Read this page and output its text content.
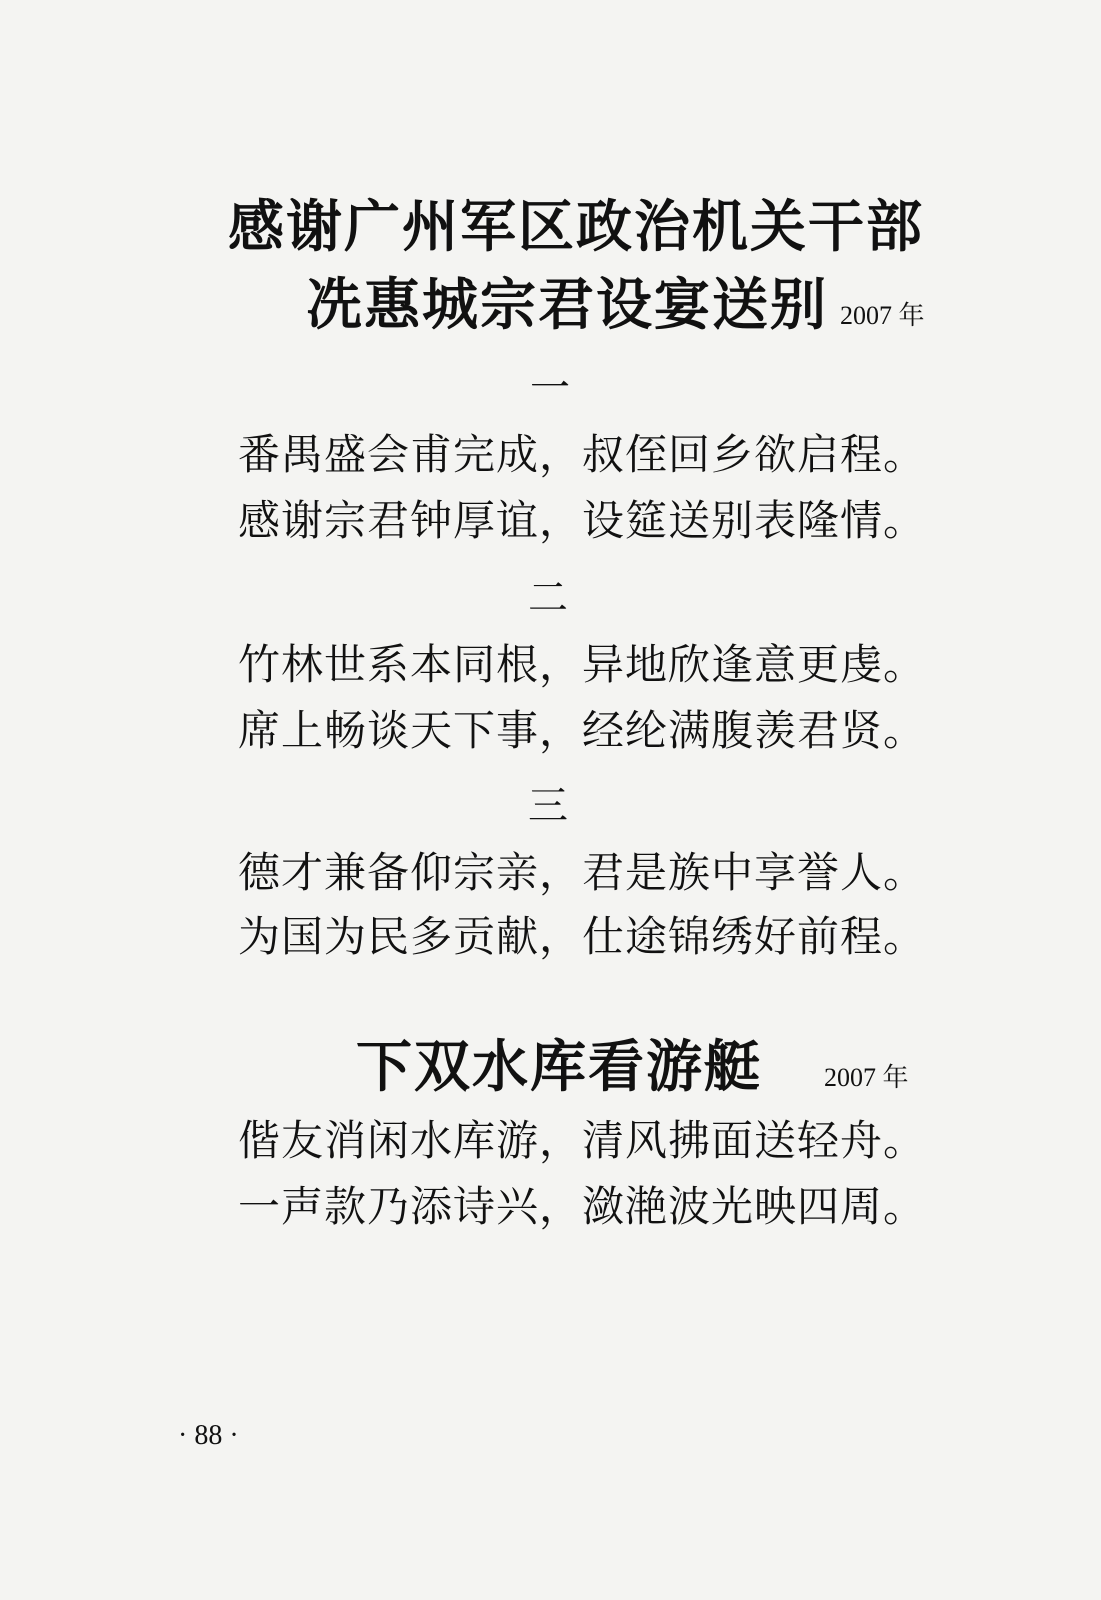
感谢广州军区政治机关干部
冼惠城宗君设宴送别 2007 年
一
番禺盛会甫完成，叔侄回乡欲启程。
感谢宗君钟厚谊，设筵送别表隆情。
二
竹林世系本同根，异地欣逢意更虔。
席上畅谈天下事，经纶满腹羡君贤。
三
德才兼备仰宗亲，君是族中享誉人。
为国为民多贡献，仕途锦绣好前程。
下双水库看游艇 2007 年
偕友消闲水库游，清风拂面送轻舟。
一声款乃添诗兴，潋滟波光映四周。
· 88 ·
